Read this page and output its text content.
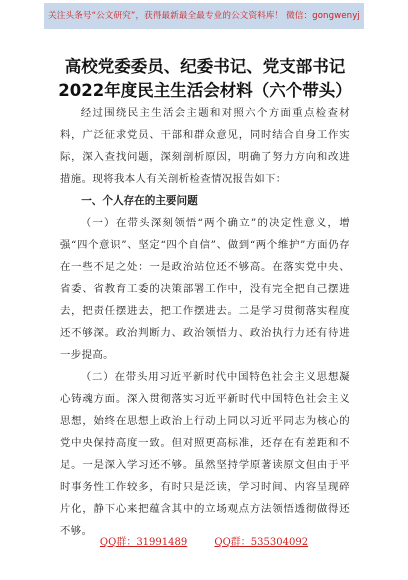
关注头条号“公文研究”，获得最新最全最专业的公文资料库！ 微信：gongwenyj
高校党委委员、纪委书记、党支部书记
2022年度民主生活会材料（六个带头）

经过围绕民主生活会主题和对照六个方面重点检查材料，广泛征求党员、干部和群众意见，同时结合自身工作实际，深入查找问题，深刻剖析原因，明确了努力方向和改进措施。现将我本人有关剖析检查情况报告如下：

一、个人存在的主要问题

（一）在带头深刻领悟“两个确立”的决定性意义，增强“四个意识”、坚定“四个自信”、做到“两个维护”方面仍存在一些不足之处：一是政治站位还不够高。在落实党中央、省委、省教育工委的决策部署工作中，没有完全把自己摆进去，把责任摆进去，把工作摆进去。二是学习贯彻落实程度还不够深。政治判断力、政治领悟力、政治执行力还有待进一步提高。

（二）在带头用习近平新时代中国特色社会主义思想凝心铸魂方面。深入贯彻落实习近平新时代中国特色社会主义思想，始终在思想上政治上行动上同以习近平同志为核心的党中央保持高度一致。但对照更高标准，还存在有差距和不足。一是深入学习还不够。虽然坚持学原著读原文但由于平时事务性工作较多，有时只是泛读，学习时间、内容呈现碎片化，静下心来把蕴含其中的立场观点方法领悟透彻做得还不够。

QQ群：31991489	QQ群：535304092
